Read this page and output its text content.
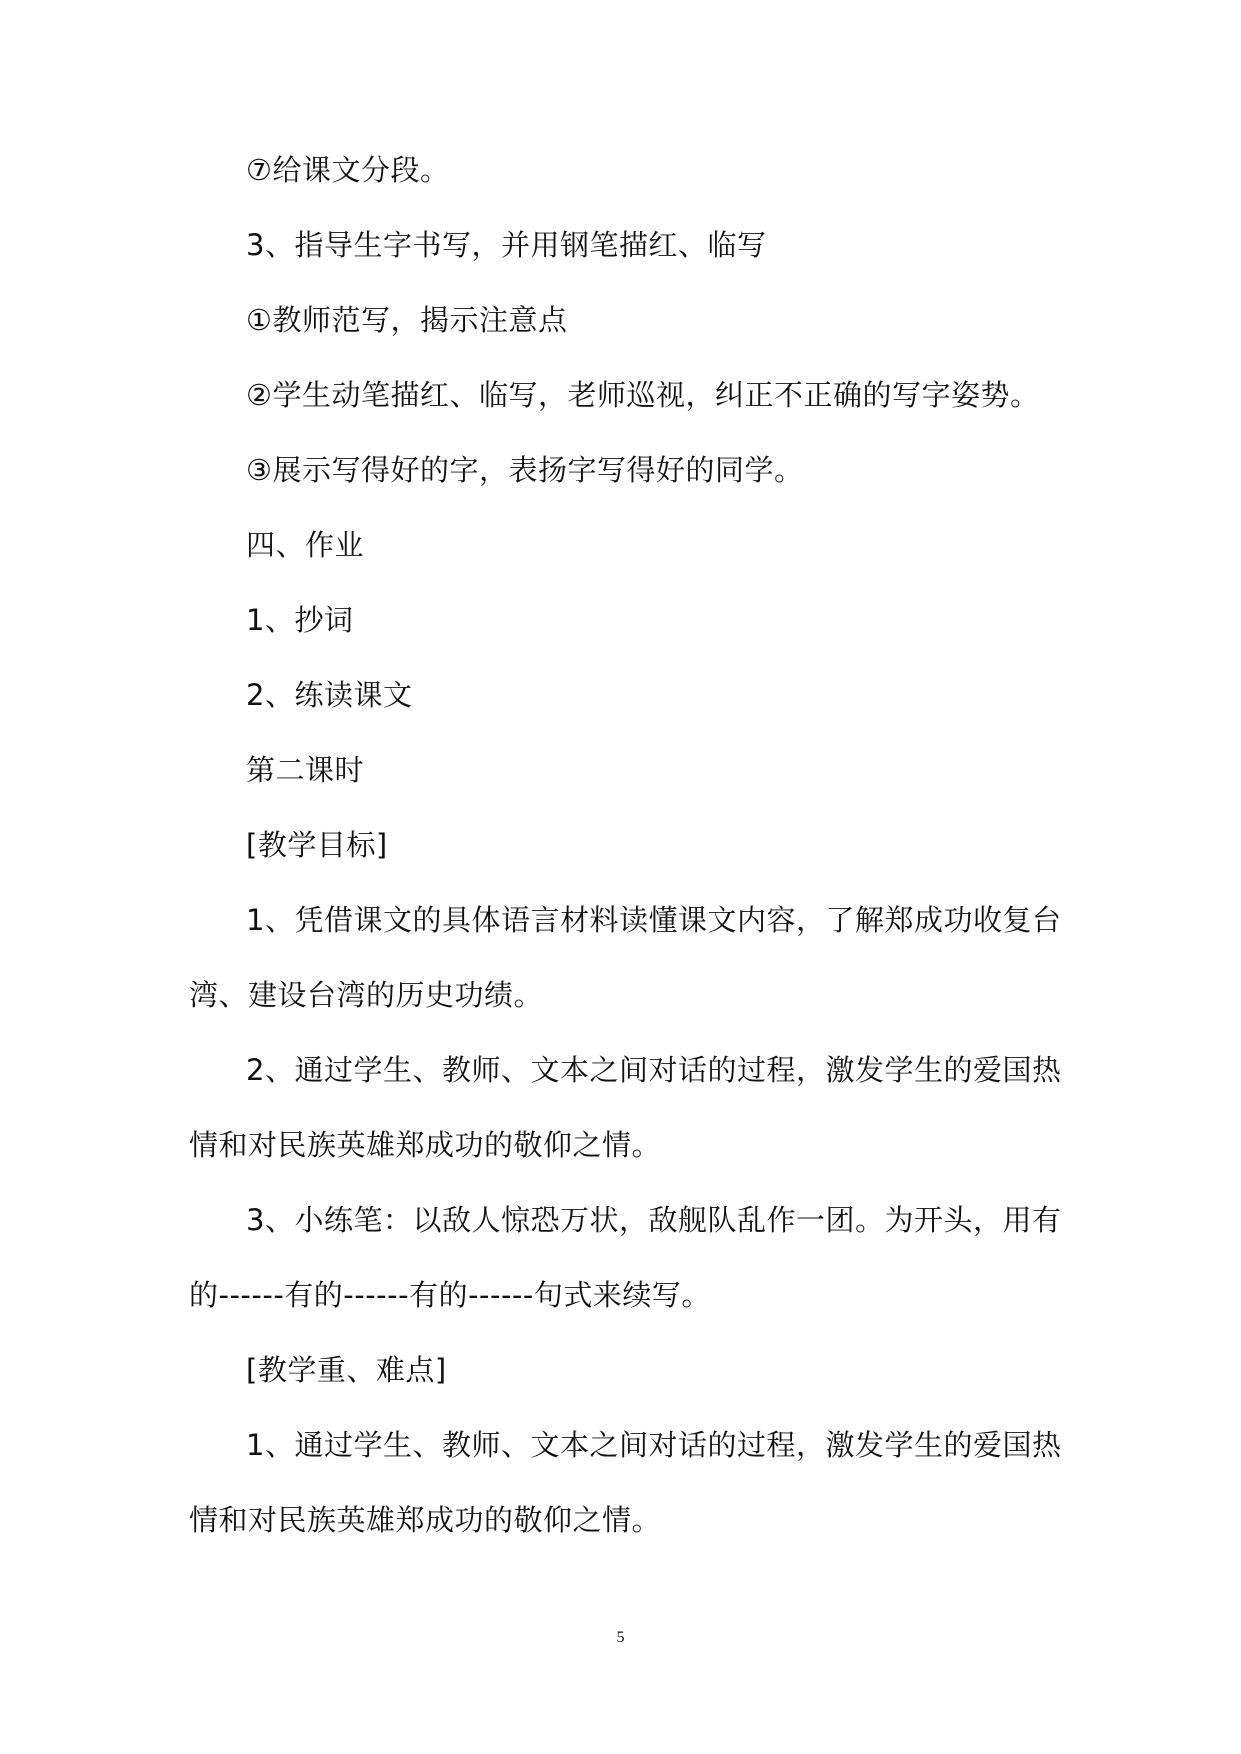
⑦给课文分段。
3、指导生字书写，并用钢笔描红、临写
①教师范写，揭示注意点
②学生动笔描红、临写，老师巡视，纠正不正确的写字姿势。
③展示写得好的字，表扬字写得好的同学。
四、作业
1、抄词
2、练读课文
第二课时
[教学目标]
1、凭借课文的具体语言材料读懂课文内容，了解郑成功收复台
湾、建设台湾的历史功绩。
2、通过学生、教师、文本之间对话的过程，激发学生的爱国热
情和对民族英雄郑成功的敬仰之情。
3、小练笔：以敌人惊恐万状，敌舰队乱作一团。为开头，用有
的------有的------有的------句式来续写。
[教学重、难点]
1、通过学生、教师、文本之间对话的过程，激发学生的爱国热
情和对民族英雄郑成功的敬仰之情。
5
